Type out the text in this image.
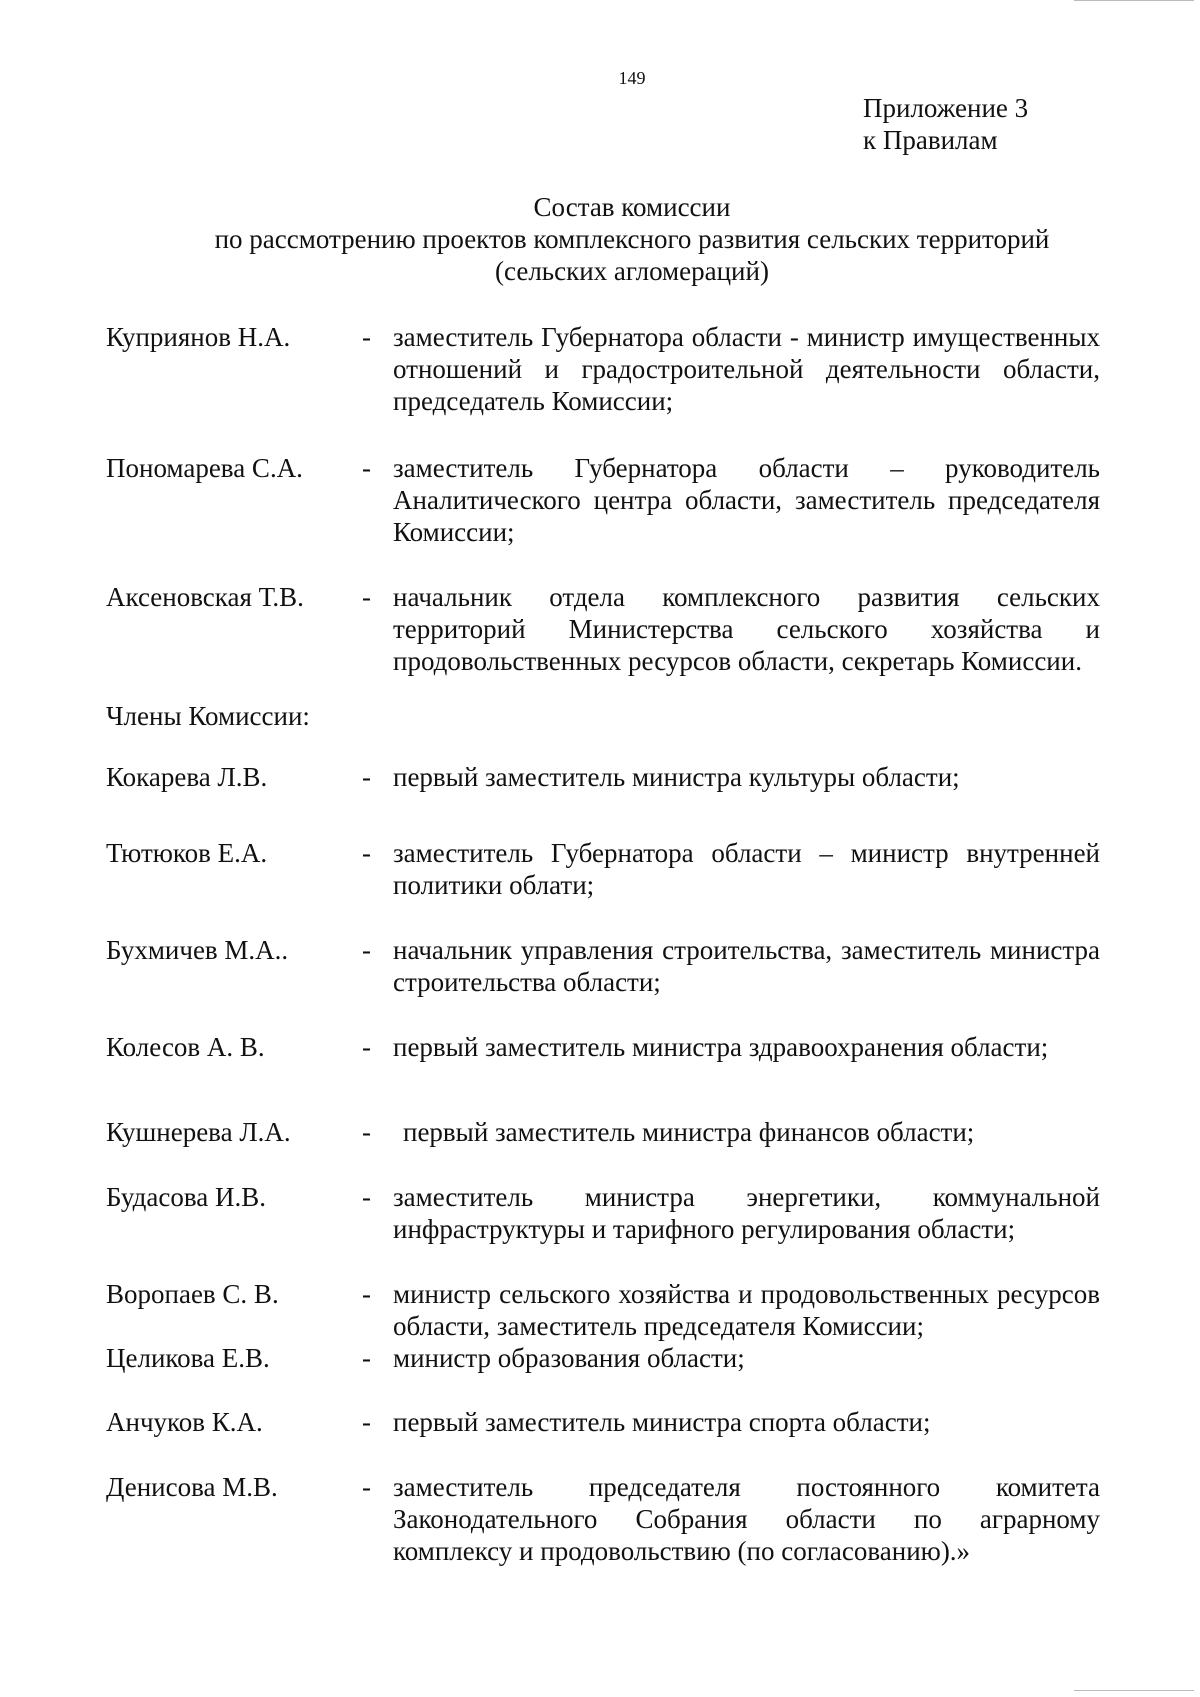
149
Приложение 3
к Правилам
Состав комиссии
по рассмотрению проектов комплексного развития сельских территорий
(сельских агломераций)
Куприянов Н.А.	- заместитель Губернатора области - министр имущественных отношений и градостроительной деятельности области, председатель Комиссии;
Пономарева С.А. - заместитель Губернатора области – руководитель Аналитического центра области, заместитель председателя Комиссии;
Аксеновская Т.В. - начальник отдела комплексного развития сельских территорий Министерства сельского хозяйства и продовольственных ресурсов области, секретарь Комиссии.
Члены Комиссии:
Кокарева Л.В.	- первый заместитель министра культуры области;
Тютюков Е.А.	- заместитель Губернатора области – министр внутренней политики облати;
Бухмичев М.А..	- начальник управления строительства, заместитель министра строительства области;
Колесов А. В.	- первый заместитель министра здравоохранения области;
Кушнерева Л.А.	- первый заместитель министра финансов области;
Будасова И.В.	- заместитель министра энергетики, коммунальной инфраструктуры и тарифного регулирования области;
Воропаев С. В.	- министр сельского хозяйства и продовольственных ресурсов области, заместитель председателя Комиссии;
Целикова Е.В.	- министр образования области;
Анчуков К.А.	- первый заместитель министра спорта области;
Денисова М.В.	- заместитель председателя постоянного комитета Законодательного Собрания области по аграрному комплексу и продовольствию (по согласованию).»
